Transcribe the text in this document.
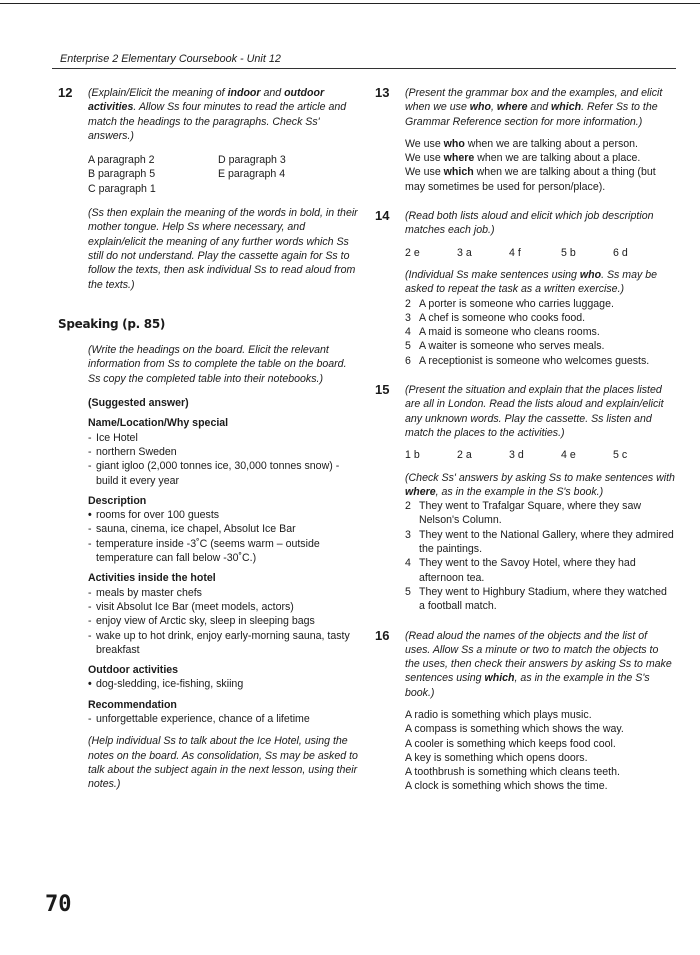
Enterprise 2 Elementary Coursebook - Unit 12
12 (Explain/Elicit the meaning of indoor and outdoor activities. Allow Ss four minutes to read the article and match the headings to the paragraphs. Check Ss' answers.)

A paragraph 2	D paragraph 3
B paragraph 5	E paragraph 4
C paragraph 1

(Ss then explain the meaning of the words in bold, in their mother tongue. Help Ss where necessary, and explain/elicit the meaning of any further words which Ss still do not understand. Play the cassette again for Ss to follow the texts, then ask individual Ss to read aloud from the texts.)

Speaking (p. 85)

(Write the headings on the board. Elicit the relevant information from Ss to complete the table on the board. Ss copy the completed table into their notebooks.)

(Suggested answer)

Name/Location/Why special

- Ice Hotel
- northern Sweden
- giant igloo (2,000 tonnes ice, 30,000 tonnes snow) - build it every year

Description

• rooms for over 100 guests
- sauna, cinema, ice chapel, Absolut Ice Bar
- temperature inside -3˚C (seems warm – outside temperature can fall below -30˚C.)

Activities inside the hotel

- meals by master chefs
- visit Absolut Ice Bar (meet models, actors)
- enjoy view of Arctic sky, sleep in sleeping bags
- wake up to hot drink, enjoy early-morning sauna, tasty breakfast

Outdoor activities

• dog-sledding, ice-fishing, skiing

Recommendation

- unforgettable experience, chance of a lifetime

(Help individual Ss to talk about the Ice Hotel, using the notes on the board. As consolidation, Ss may be asked to talk about the subject again in the next lesson, using their notes.)

13 (Present the grammar box and the examples, and elicit when we use who, where and which. Refer Ss to the Grammar Reference section for more information.)

We use who when we are talking about a person.

We use where when we are talking about a place.

We use which when we are talking about a thing (but may sometimes be used for person/place).

14 (Read both lists aloud and elicit which job description matches each job.)

2 e	3 a	4 f	5 b	6 d

(Individual Ss make sentences using who. Ss may be asked to repeat the task as a written exercise.)

2 A porter is someone who carries luggage.
3 A chef is someone who cooks food.
4 A maid is someone who cleans rooms.
5 A waiter is someone who serves meals.
6 A receptionist is someone who welcomes guests.
15 (Present the situation and explain that the places listed are all in London. Read the lists aloud and explain/elicit any unknown words. Play the cassette. Ss listen and match the places to the activities.)

1 b	2 a	3 d	4 e	5 c

(Check Ss' answers by asking Ss to make sentences with where, as in the example in the S's book.)

2 They went to Trafalgar Square, where they saw Nelson's Column.
3 They went to the National Gallery, where they admired the paintings.
4 They went to the Savoy Hotel, where they had afternoon tea.
5 They went to Highbury Stadium, where they watched a football match.
16 (Read aloud the names of the objects and the list of uses. Allow Ss a minute or two to match the objects to the uses, then check their answers by asking Ss to make sentences using which, as in the example in the S's book.)

A radio is something which plays music.

A compass is something which shows the way.

A cooler is something which keeps food cool.

A key is something which opens doors.

A toothbrush is something which cleans teeth.

A clock is something which shows the time.

70
